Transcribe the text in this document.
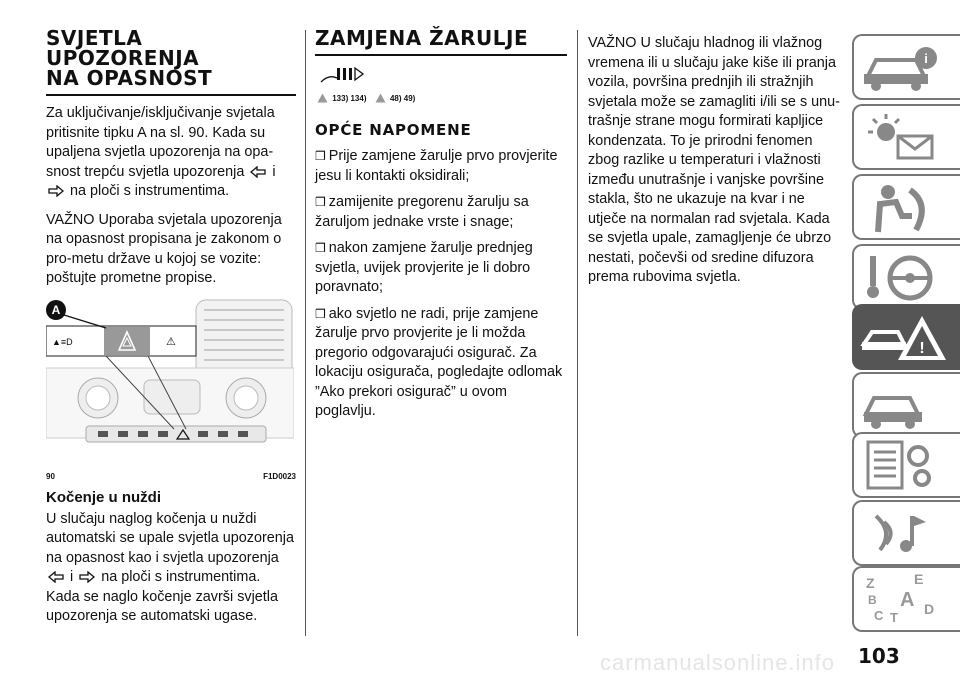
SVJETLA UPOZORENJA
NA OPASNOST

Za uključivanje/isključivanje svjetala pritisnite tipku A na sl. 90. Kada su upaljena svjetla upozorenja na opa-snost trepću svjetla upozorenja i  na ploči s instrumentima.

VAŽNO Uporaba svjetala upozorenja na opasnost propisana je zakonom o pro-metu države u kojoj se vozite: poštujte prometne propise.

▲≡D	⚠
A
90	F1D0023
Kočenje u nuždi

U slučaju naglog kočenja u nuždi automatski se upale svjetla upozorenja na opasnost kao i svjetla upozorenja  i na ploči s instrumentima. Kada se naglo kočenje završi svjetla upozorenja se automatski ugase.

ZAMJENA ŽARULJE
133) 134)	48) 49)
OPĆE NAPOMENE
❒ Prije zamjene žarulje prvo provjerite jesu li kontakti oksidirali;
❒ zamijenite pregorenu žarulju sa žaruljom jednake vrste i snage;
❒ nakon zamjene žarulje prednjeg svjetla, uvijek provjerite je li dobro poravnato;
❒ ako svjetlo ne radi, prije zamjene žarulje prvo provjerite je li možda pregorio odgovarajući osigurač. Za lokaciju osigurača, pogledajte odlomak ”Ako prekori osigurač” u ovom poglavlju.

VAŽNO U slučaju hladnog ili vlažnog vremena ili u slučaju jake kiše ili pranja vozila, površina prednjih ili stražnjih svjetala može se zamagliti i/ili se s unu-trašnje strane mogu formirati kapljice kondenzata. To je prirodni fenomen zbog razlike u temperaturi i vlažnosti između unutrašnje i vanjske površine stakla, što ne ukazuje na kvar i ne utječe na normalan rad svjetala. Kada se svjetla upale, zamagljenje će ubrzo nestati, počevši od sredine difuzora prema rubovima svjetla.

i
!
Z	E
B A
C T
D
carmanualsonline.info 103
